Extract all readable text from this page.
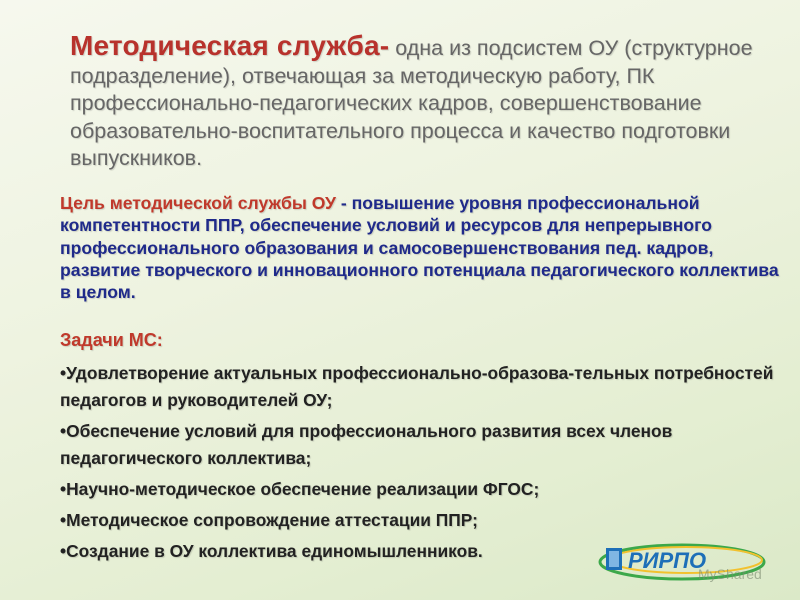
Методическая служба- одна из подсистем ОУ (структурное подразделение), отвечающая за методическую работу, ПК профессионально-педагогических кадров, совершенствование образовательно-воспитательного процесса и качество подготовки выпускников.
Цель методической службы ОУ - повышение уровня профессиональной компетентности ППР, обеспечение условий и ресурсов для непрерывного профессионального образования и самосовершенствования пед. кадров, развитие творческого и инновационного потенциала педагогического коллектива в целом.
Задачи МС:
•Удовлетворение актуальных профессионально-образова-тельных потребностей педагогов и руководителей ОУ;
•Обеспечение условий для профессионального развития всех членов педагогического коллектива;
•Научно-методическое обеспечение реализации ФГОС;
•Методическое сопровождение аттестации ППР;
•Создание в ОУ коллектива единомышленников.	РИРПО
MyShared
